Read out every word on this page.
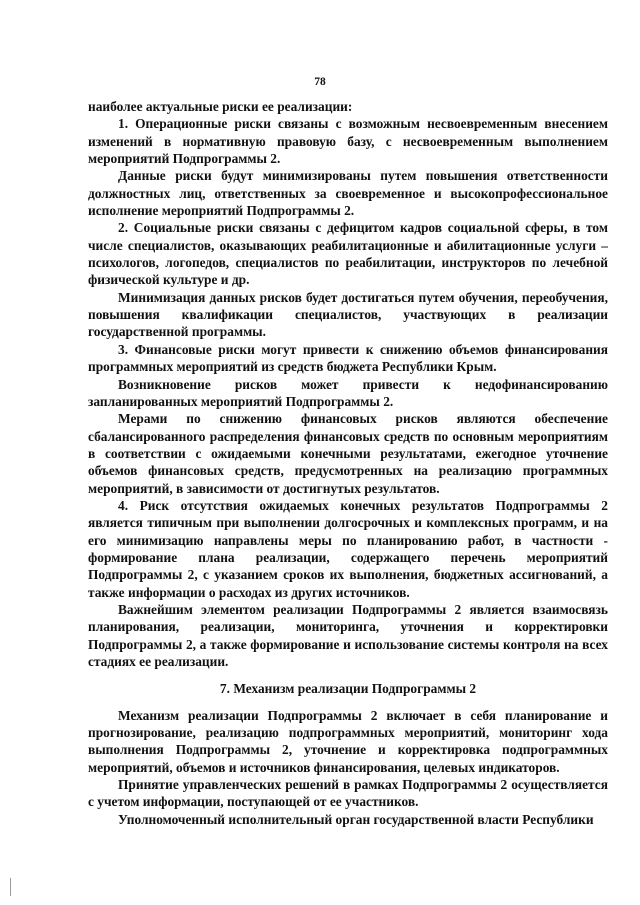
78

наиболее актуальные риски ее реализации:

1. Операционные риски связаны с возможным несвоевременным внесением изменений в нормативную правовую базу, с несвоевременным выполнением мероприятий Подпрограммы 2.

Данные риски будут минимизированы путем повышения ответственности должностных лиц, ответственных за своевременное и высокопрофессиональное исполнение мероприятий Подпрограммы 2.

2. Социальные риски связаны с дефицитом кадров социальной сферы, в том числе специалистов, оказывающих реабилитационные и абилитационные услуги – психологов, логопедов, специалистов по реабилитации, инструкторов по лечебной физической культуре и др.

Минимизация данных рисков будет достигаться путем обучения, переобучения, повышения квалификации специалистов, участвующих в реализации государственной программы.

3. Финансовые риски могут привести к снижению объемов финансирования программных мероприятий из средств бюджета Республики Крым.

Возникновение рисков может привести к недофинансированию запланированных мероприятий Подпрограммы 2.

Мерами по снижению финансовых рисков являются обеспечение сбалансированного распределения финансовых средств по основным мероприятиям в соответствии с ожидаемыми конечными результатами, ежегодное уточнение объемов финансовых средств, предусмотренных на реализацию программных мероприятий, в зависимости от достигнутых результатов.

4. Риск отсутствия ожидаемых конечных результатов Подпрограммы 2 является типичным при выполнении долгосрочных и комплексных программ, и на его минимизацию направлены меры по планированию работ, в частности - формирование плана реализации, содержащего перечень мероприятий Подпрограммы 2, с указанием сроков их выполнения, бюджетных ассигнований, а также информации о расходах из других источников.

Важнейшим элементом реализации Подпрограммы 2 является взаимосвязь планирования, реализации, мониторинга, уточнения и корректировки Подпрограммы 2, а также формирование и использование системы контроля на всех стадиях ее реализации.

7. Механизм реализации Подпрограммы 2

Механизм реализации Подпрограммы 2 включает в себя планирование и прогнозирование, реализацию подпрограммных мероприятий, мониторинг хода выполнения Подпрограммы 2, уточнение и корректировка подпрограммных мероприятий, объемов и источников финансирования, целевых индикаторов.

Принятие управленческих решений в рамках Подпрограммы 2 осуществляется с учетом информации, поступающей от ее участников.

Уполномоченный исполнительный орган государственной власти Республики
